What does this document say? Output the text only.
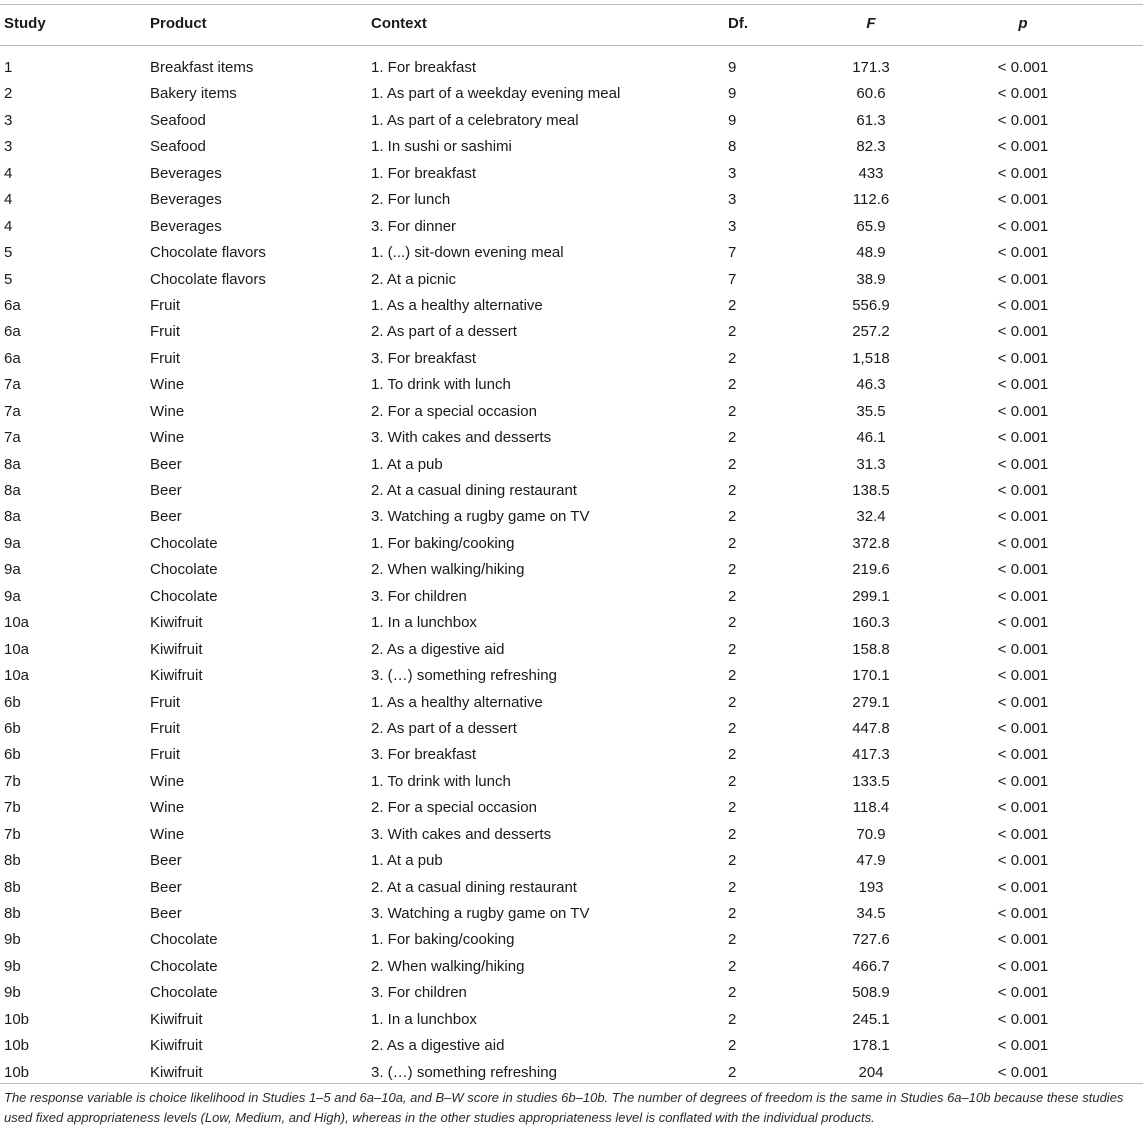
Study	Product	Context	Df.	F	p
1	Breakfast items	1. For breakfast	9	171.3	< 0.001
2	Bakery items	1. As part of a weekday evening meal	9	60.6	< 0.001
3	Seafood	1. As part of a celebratory meal	9	61.3	< 0.001
3	Seafood	1. In sushi or sashimi	8	82.3	< 0.001
4	Beverages	1. For breakfast	3	433	< 0.001
4	Beverages	2. For lunch	3	112.6	< 0.001
4	Beverages	3. For dinner	3	65.9	< 0.001
5	Chocolate flavors	1. (...) sit-down evening meal	7	48.9	< 0.001
5	Chocolate flavors	2. At a picnic	7	38.9	< 0.001
6a	Fruit	1. As a healthy alternative	2	556.9	< 0.001
6a	Fruit	2. As part of a dessert	2	257.2	< 0.001
6a	Fruit	3. For breakfast	2	1,518	< 0.001
7a	Wine	1. To drink with lunch	2	46.3	< 0.001
7a	Wine	2. For a special occasion	2	35.5	< 0.001
7a	Wine	3. With cakes and desserts	2	46.1	< 0.001
8a	Beer	1. At a pub	2	31.3	< 0.001
8a	Beer	2. At a casual dining restaurant	2	138.5	< 0.001
8a	Beer	3. Watching a rugby game on TV	2	32.4	< 0.001
9a	Chocolate	1. For baking/cooking	2	372.8	< 0.001
9a	Chocolate	2. When walking/hiking	2	219.6	< 0.001
9a	Chocolate	3. For children	2	299.1	< 0.001
10a	Kiwifruit	1. In a lunchbox	2	160.3	< 0.001
10a	Kiwifruit	2. As a digestive aid	2	158.8	< 0.001
10a	Kiwifruit	3. (…) something refreshing	2	170.1	< 0.001
6b	Fruit	1. As a healthy alternative	2	279.1	< 0.001
6b	Fruit	2. As part of a dessert	2	447.8	< 0.001
6b	Fruit	3. For breakfast	2	417.3	< 0.001
7b	Wine	1. To drink with lunch	2	133.5	< 0.001
7b	Wine	2. For a special occasion	2	118.4	< 0.001
7b	Wine	3. With cakes and desserts	2	70.9	< 0.001
8b	Beer	1. At a pub	2	47.9	< 0.001
8b	Beer	2. At a casual dining restaurant	2	193	< 0.001
8b	Beer	3. Watching a rugby game on TV	2	34.5	< 0.001
9b	Chocolate	1. For baking/cooking	2	727.6	< 0.001
9b	Chocolate	2. When walking/hiking	2	466.7	< 0.001
9b	Chocolate	3. For children	2	508.9	< 0.001
10b	Kiwifruit	1. In a lunchbox	2	245.1	< 0.001
10b	Kiwifruit	2. As a digestive aid	2	178.1	< 0.001
10b	Kiwifruit	3. (…) something refreshing	2	204	< 0.001
The response variable is choice likelihood in Studies 1–5 and 6a–10a, and B–W score in studies 6b–10b. The number of degrees of freedom is the same in Studies 6a–10b because these studies used fixed appropriateness levels (Low, Medium, and High), whereas in the other studies appropriateness level is conflated with the individual products.
